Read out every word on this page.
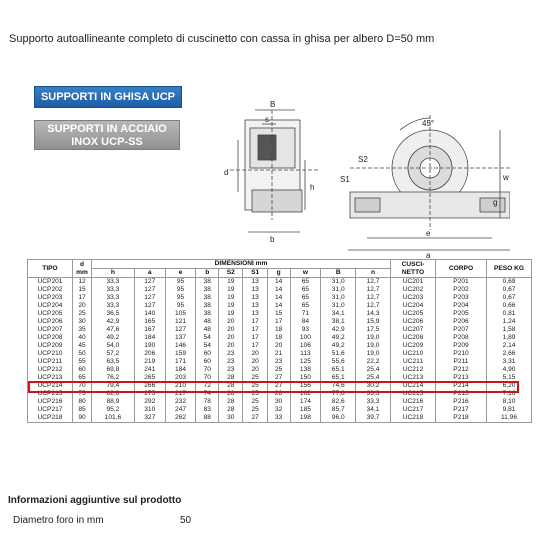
Supporto autoallineante completo di cuscinetto con cassa in ghisa per albero D=50 mm
SUPPORTI IN GHISA UCP
SUPPORTI IN ACCIAIO
INOX UCP-SS
B
s
d
b
h
45°
S2
S1	w
g
e
a
TIPO	d
mm	DIMENSIONI mm										CUSCI- NETTO	CORPO	PESO KG
		h	a	e	b	S2	S1	g	w	B	n			
UCP201	12	33,3	127	95	38	19	13	14	65	31,0	12,7	UC201	P201	0,69
UCP202	15	33,3	127	95	38	19	13	14	65	31,0	12,7	UC202	P202	0,67
UCP203	17	33,3	127	95	38	19	13	14	65	31,0	12,7	UC203	P203	0,67
UCP204	20	33,3	127	95	38	19	13	14	65	31,0	12,7	UC204	P204	0,66
UCP205	25	36,5	140	105	38	19	13	15	71	34,1	14,3	UC205	P205	0,81
UCP206	30	42,9	165	121	48	20	17	17	84	38,1	15,9	UC206	P206	1,24
UCP207	35	47,6	167	127	48	20	17	18	93	42,9	17,5	UC207	P207	1,58
UCP208	40	49,2	184	137	54	20	17	18	100	49,2	19,0	UC208	P208	1,89
UCP209	45	54,0	190	146	54	20	17	20	106	49,2	19,0	UC209	P209	2,14
UCP210	50	57,2	206	159	60	23	20	21	113	51,6	19,0	UC210	P210	2,66
UCP211	55	63,5	219	171	60	23	20	23	125	55,6	22,2	UC211	P211	3,31
UCP212	60	69,8	241	184	70	23	20	25	138	65,1	25,4	UC212	P212	4,90
UCP213	65	76,2	265	203	70	28	25	27	150	65,1	25,4	UC213	P213	5,15
UCP214	70	79,4	266	210	72	28	25	27	156	74,6	30,2	UC214	P214	6,20
UCP215	75	82,6	275	217	74	28	25	28	162	77,8	33,3	UC215	P215	7,16
UCP216	80	88,9	292	232	78	28	25	30	174	82,6	33,3	UC216	P216	8,10
UCP217	85	95,2	310	247	83	28	25	32	185	85,7	34,1	UC217	P217	9,81
UCP218	90	101,6	327	262	88	30	27	33	198	96,0	39,7	UC218	P218	11,96
Informazioni aggiuntive sul prodotto
Diametro foro in mm	50
